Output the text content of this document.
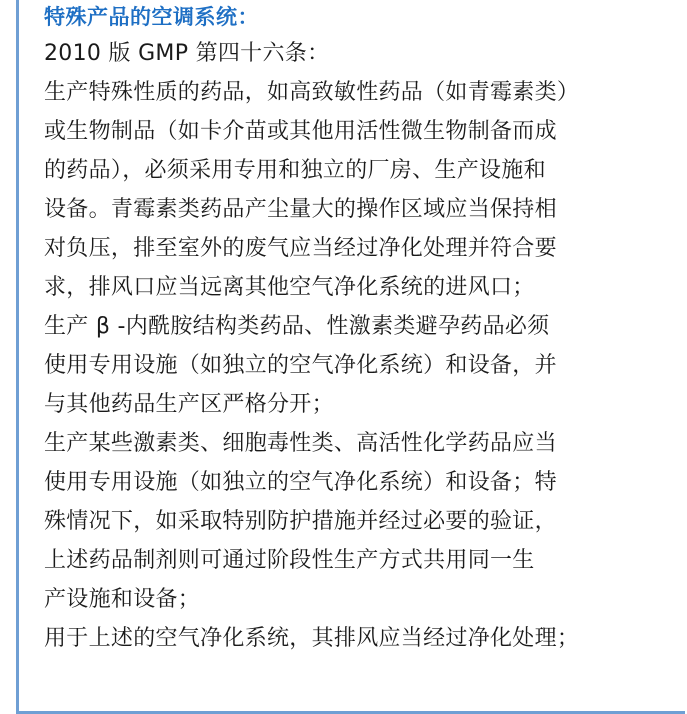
特殊产品的空调系统：
2010 版 GMP 第四十六条：
生产特殊性质的药品，如高致敏性药品（如青霉素类）
或生物制品（如卡介苗或其他用活性微生物制备而成
的药品），必须采用专用和独立的厂房、生产设施和
设备。青霉素类药品产尘量大的操作区域应当保持相
对负压，排至室外的废气应当经过净化处理并符合要
求，排风口应当远离其他空气净化系统的进风口；
生产 β -内酰胺结构类药品、性激素类避孕药品必须
使用专用设施（如独立的空气净化系统）和设备，并
与其他药品生产区严格分开；
生产某些激素类、细胞毒性类、高活性化学药品应当
使用专用设施（如独立的空气净化系统）和设备；特
殊情况下，如采取特别防护措施并经过必要的验证，
上述药品制剂则可通过阶段性生产方式共用同一生
产设施和设备；
用于上述的空气净化系统，其排风应当经过净化处理；
